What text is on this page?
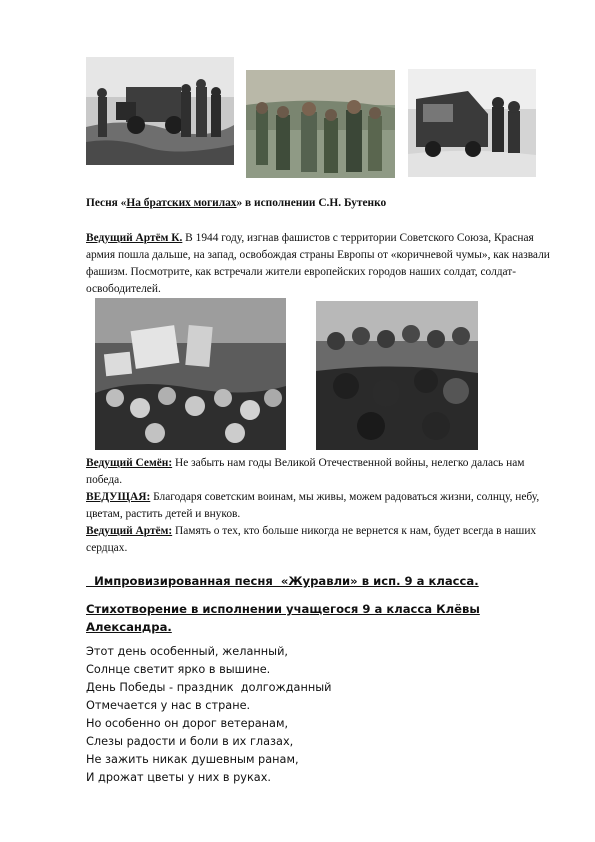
Песня «На братских могилах» в исполнении С.Н. Бутенко
Ведущий Артём К. В 1944 году, изгнав фашистов с территории Советского Союза, Красная армия пошла дальше, на запад, освобождая страны Европы от «коричневой чумы», как назвали фашизм. Посмотрите, как встречали жители европейских городов наших солдат, солдат-освободителей.
Ведущий Семён: Не забыть нам годы Великой Отечественной войны, нелегко далась нам победа.
ВЕДУЩАЯ: Благодаря советским воинам, мы живы, можем радоваться жизни, солнцу, небу, цветам, растить детей и внуков.
Ведущий Артём: Память о тех, кто больше никогда не вернется к нам, будет всегда в наших сердцах.
Импровизированная песня  «Журавли» в исп. 9 а класса.
Стихотворение в исполнении учащегося 9 а класса Клёвы Александра.
Этот день особенный, желанный,
Солнце светит ярко в вышине.
День Победы - праздник  долгожданный
Отмечается у нас в стране.
Но особенно он дорог ветеранам,
Слезы радости и боли в их глазах,
Не зажить никак душевным ранам,
И дрожат цветы у них в руках.
